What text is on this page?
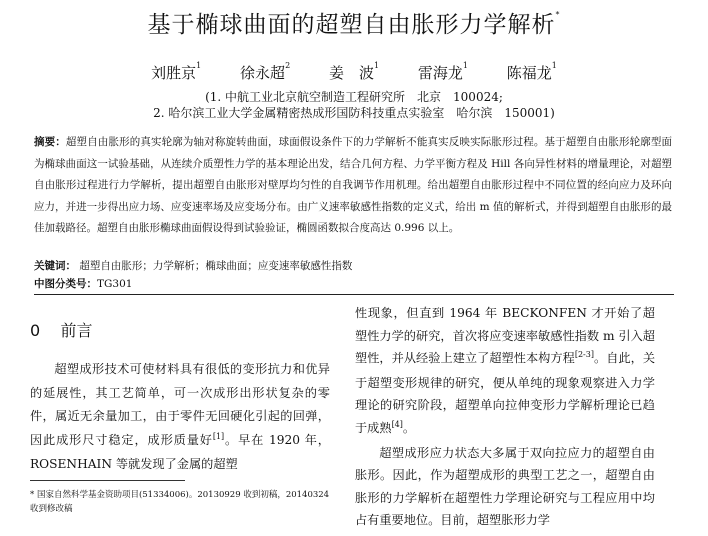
基于椭球曲面的超塑自由胀形力学解析*
刘胜京$^1$	徐永超$^2$	姜　波$^1$	雷海龙$^1$	陈福龙$^1$
(1. 中航工业北京航空制造工程研究所　北京　100024;
2. 哈尔滨工业大学金属精密热成形国防科技重点实验室　哈尔滨　150001)
摘要：超塑自由胀形的真实轮廓为轴对称旋转曲面，球面假设条件下的力学解析不能真实反映实际胀形过程。基于超塑自由胀形轮廓型面为椭球曲面这一试验基础，从连续介质塑性力学的基本理论出发，结合几何方程、力学平衡方程及 Hill 各向异性材料的增量理论，对超塑自由胀形过程进行力学解析，提出超塑自由胀形对壁厚均匀性的自我调节作用机理。给出超塑自由胀形过程中不同位置的经向应力及环向应力，并进一步得出应力场、应变速率场及应变场分布。由广义速率敏感性指数的定义式，给出 m 值的解析式，并得到超塑自由胀形的最佳加载路径。超塑自由胀形椭球曲面假设得到试验验证，椭圆函数拟合度高达 0.996 以上。
关键词： 超塑自由胀形；力学解析；椭球曲面；应变速率敏感性指数
中图分类号：TG301
0 前言

超塑成形技术可使材料具有很低的变形抗力和优异的延展性，其工艺简单，可一次成形出形状复杂的零件，属近无余量加工，由于零件无回硬化引起的回弹，因此成形尺寸稳定，成形质量好[1]。早在 1920 年，ROSENHAIN 等就发现了金属的超塑

* 国家自然科学基金资助项目(51334006)。20130929 收到初稿，20140324 收到修改稿

性现象，但直到 1964 年 BECKONFEN 才开始了超塑性力学的研究，首次将应变速率敏感性指数 m 引入超塑性，并从经验上建立了超塑性本构方程[2-3]。自此，关于超塑变形规律的研究，便从单纯的现象观察进入力学理论的研究阶段，超塑单向拉伸变形力学解析理论已趋于成熟[4]。

超塑成形应力状态大多属于双向拉应力的超塑自由胀形。因此，作为超塑成形的典型工艺之一，超塑自由胀形的力学解析在超塑性力学理论研究与工程应用中均占有重要地位。目前，超塑胀形力学
